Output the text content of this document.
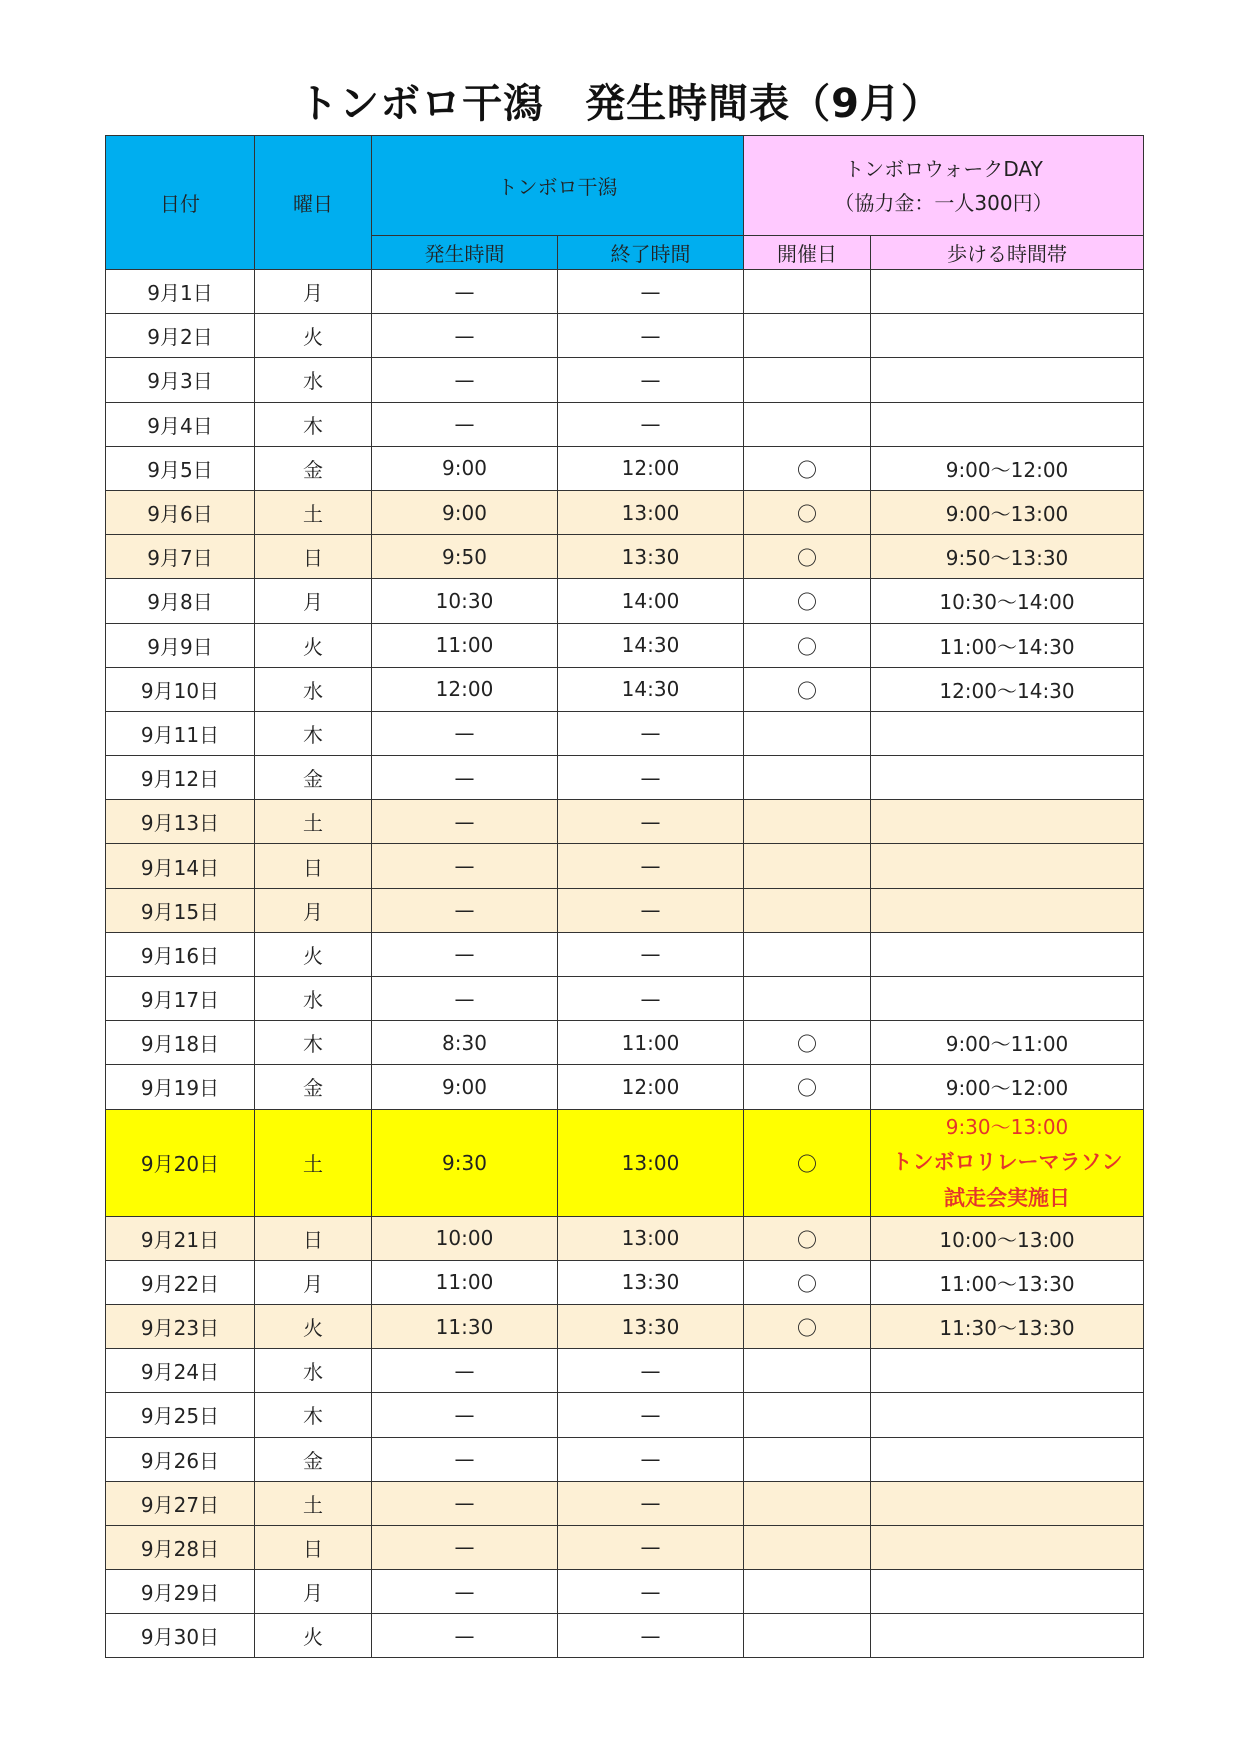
トンボロ干潟　発生時間表（9月）
日付	曜日	トンボロ干潟		トンボロウォークDAY
（協力金：一人300円）	
		発生時間	終了時間	開催日	歩ける時間帯
9月1日	月	—	—		
9月2日	火	—	—		
9月3日	水	—	—		
9月4日	木	—	—		
9月5日	金	9:00	12:00	〇	9:00～12:00
9月6日	土	9:00	13:00	〇	9:00～13:00
9月7日	日	9:50	13:30	〇	9:50～13:30
9月8日	月	10:30	14:00	〇	10:30～14:00
9月9日	火	11:00	14:30	〇	11:00～14:30
9月10日	水	12:00	14:30	〇	12:00～14:30
9月11日	木	—	—		
9月12日	金	—	—		
9月13日	土	—	—		
9月14日	日	—	—		
9月15日	月	—	—		
9月16日	火	—	—		
9月17日	水	—	—		
9月18日	木	8:30	11:00	〇	9:00～11:00
9月19日	金	9:00	12:00	〇	9:00～12:00
9月20日	土	9:30	13:00	〇	9:30～13:00
トンボロリレーマラソン
試走会実施日

9月21日	日	10:00	13:00	〇	10:00～13:00
9月22日	月	11:00	13:30	〇	11:00～13:30
9月23日	火	11:30	13:30	〇	11:30～13:30
9月24日	水	—	—		
9月25日	木	—	—		
9月26日	金	—	—		
9月27日	土	—	—		
9月28日	日	—	—		
9月29日	月	—	—		
9月30日	火	—	—		
